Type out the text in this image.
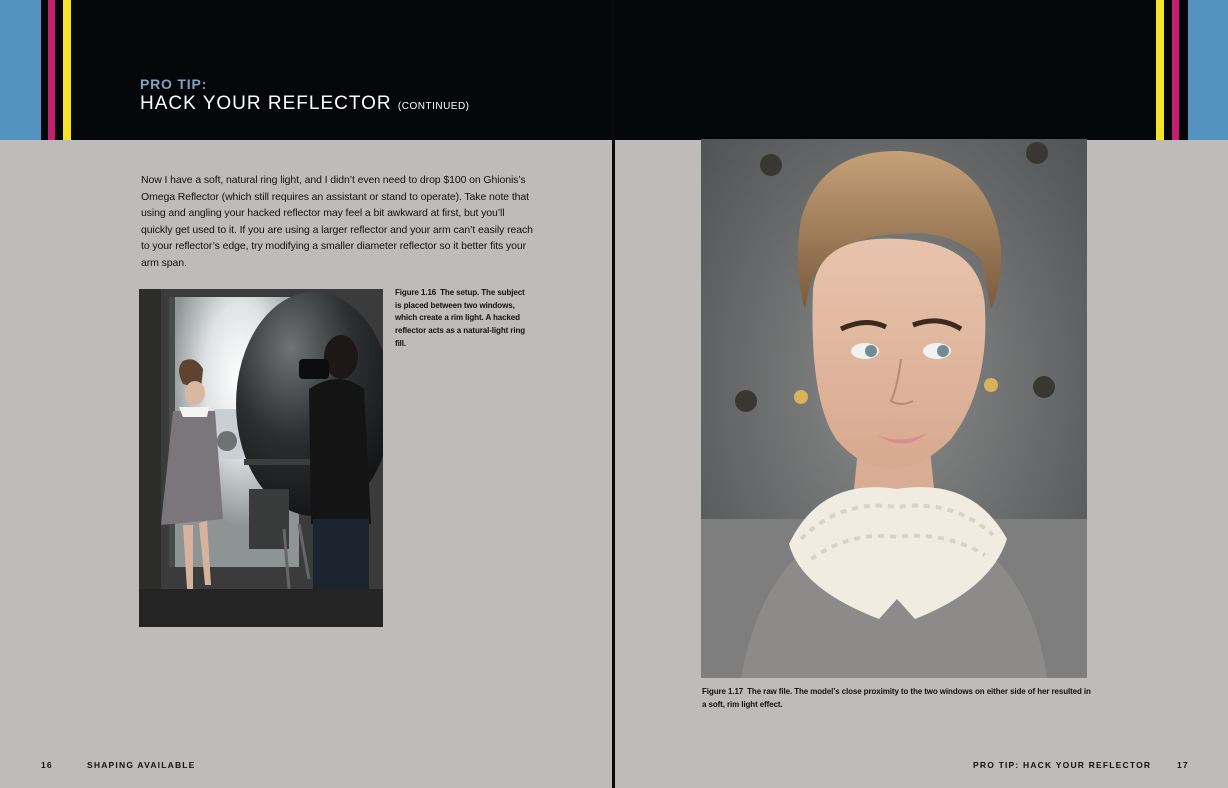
PRO TIP:
HACK YOUR REFLECTOR (CONTINUED)
Now I have a soft, natural ring light, and I didn’t even need to drop $100 on Ghionis’s Omega Reflector (which still requires an assistant or stand to operate). Take note that using and angling your hacked reflector may feel a bit awkward at first, but you’ll quickly get used to it. If you are using a larger reflector and your arm can’t easily reach to your reflector’s edge, try modifying a smaller diameter reflector so it better fits your arm span.
Figure 1.16 The setup. The subject is placed between two windows, which create a rim light. A hacked reflector acts as a natural-light ring fill.
16	SHAPING AVAILABLE
Figure 1.17 The raw file. The model’s close proximity to the two windows on either side of her resulted in a soft, rim light effect.
PRO TIP: HACK YOUR REFLECTOR	17
